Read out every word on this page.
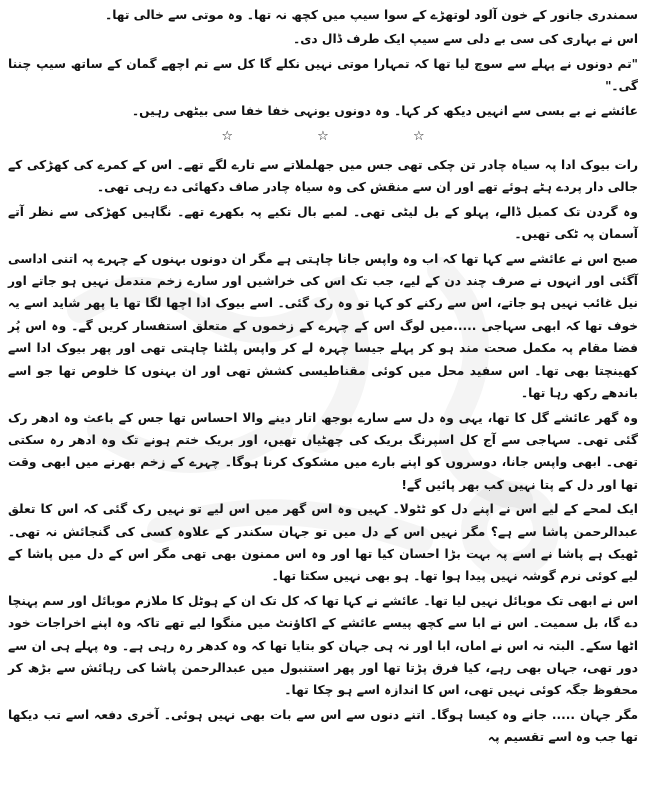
سمندری جانور کے خون آلود لوتھڑے کے سوا سیپ میں کچھ نہ تھا۔ وہ موتی سے خالی تھا۔

اس نے بہاری کی سی بے دلی سے سیپ ایک طرف ڈال دی۔

"تم دونوں نے پہلے سے سوچ لیا تھا کہ تمہارا موتی نہیں نکلے گا کل سے تم اچھے گمان کے ساتھ سیپ چننا گی۔"

عائشے نے بے بسی سے انہیں دیکھ کر کہا۔ وہ دونوں یونہی خفا خفا سی بیٹھی رہیں۔

☆ ☆ ☆

رات بیوک ادا پہ سیاہ چادر تن چکی تھی جس میں جھلملاتے سے تارے لگے تھے۔ اس کے کمرے کی کھڑکی کے جالی دار پردے ہٹے ہوئے تھے اور ان سے منقش کی وہ سیاہ چادر صاف دکھائی دے رہی تھی۔

وہ گردن تک کمبل ڈالے، پہلو کے بل لیٹی تھی۔ لمبے بال تکیے پہ بکھرے تھے۔ نگاہیں کھڑکی سے نظر آتے آسمان پہ ٹکی تھیں۔

صبح اس نے عائشے سے کہا تھا کہ اب وہ واپس جانا چاہتی ہے مگر ان دونوں بہنوں کے چہرے پہ اتنی اداسی آگئی اور انہوں نے صرف چند دن کے لیے، جب تک اس کی خراشیں اور سارے زخم مندمل نہیں ہو جاتے اور نیل غائب نہیں ہو جاتے، اس سے رکنے کو کہا تو وہ رک گئی۔ اسے بیوک ادا اچھا لگا تھا یا پھر شاید اسے یہ خوف تھا کہ ابھی سہاجی .....میں لوگ اس کے چہرے کے زخموں کے متعلق استفسار کریں گے۔ وہ اس پُر فضا مقام پہ مکمل صحت مند ہو کر پہلے جیسا چہرہ لے کر واپس پلٹنا چاہتی تھی اور پھر بیوک ادا اسے کھینچتا بھی تھا۔ اس سفید محل میں کوئی مقناطیسی کشش تھی اور ان بہنوں کا خلوص تھا جو اسے باندھے رکھ رہا تھا۔

وہ گھر عائشے گل کا تھا، یہی وہ دل سے سارے بوجھ اتار دینے والا احساس تھا جس کے باعث وہ ادھر رک گئی تھی۔ سہاجی سے آج کل اسپرنگ بریک کی چھٹیاں تھیں، اور بریک ختم ہونے تک وہ ادھر رہ سکتی تھی۔ ابھی واپس جانا، دوسروں کو اپنے بارے میں مشکوک کرنا ہوگا۔ چہرے کے زخم بھرنے میں ابھی وقت تھا اور دل کے پتا نہیں کب بھر پائیں گے!

ایک لمحے کے لیے اس نے اپنے دل کو ٹٹولا۔ کہیں وہ اس گھر میں اس لیے تو نہیں رک گئی کہ اس کا تعلق عبدالرحمن پاشا سے ہے؟ مگر نہیں اس کے دل میں تو جہان سکندر کے علاوہ کسی کی گنجائش نہ تھی۔ ٹھیک ہے پاشا نے اسے پہ بہت بڑا احسان کیا تھا اور وہ اس ممنون بھی تھی مگر اس کے دل میں پاشا کے لیے کوئی نرم گوشہ نہیں پیدا ہوا تھا۔ ہو بھی نہیں سکتا تھا۔

اس نے ابھی تک موبائل نہیں لیا تھا۔ عائشے نے کہا تھا کہ کل تک ان کے ہوٹل کا ملازم موبائل اور سم پہنچا دے گا، بل سمیت۔ اس نے ابا سے کچھ پیسے عائشے کے اکاؤنٹ میں منگوا لیے تھے تاکہ وہ اپنے اخراجات خود اٹھا سکے۔ البتہ نہ اس نے اماں، ابا اور نہ ہی جہان کو بتایا تھا کہ وہ کدھر رہ رہی ہے۔ وہ پہلے ہی ان سے دور تھی، جہاں بھی رہے، کیا فرق پڑتا تھا اور پھر استنبول میں عبدالرحمن پاشا کی رہائش سے بڑھ کر محفوظ جگہ کوئی نہیں تھی، اس کا اندازہ اسے ہو چکا تھا۔

مگر جہان ..... جانے وہ کیسا ہوگا۔ اتنے دنوں سے اس سے بات بھی نہیں ہوئی۔ آخری دفعہ اسے تب دیکھا تھا جب وہ اسے تقسیم پہ
